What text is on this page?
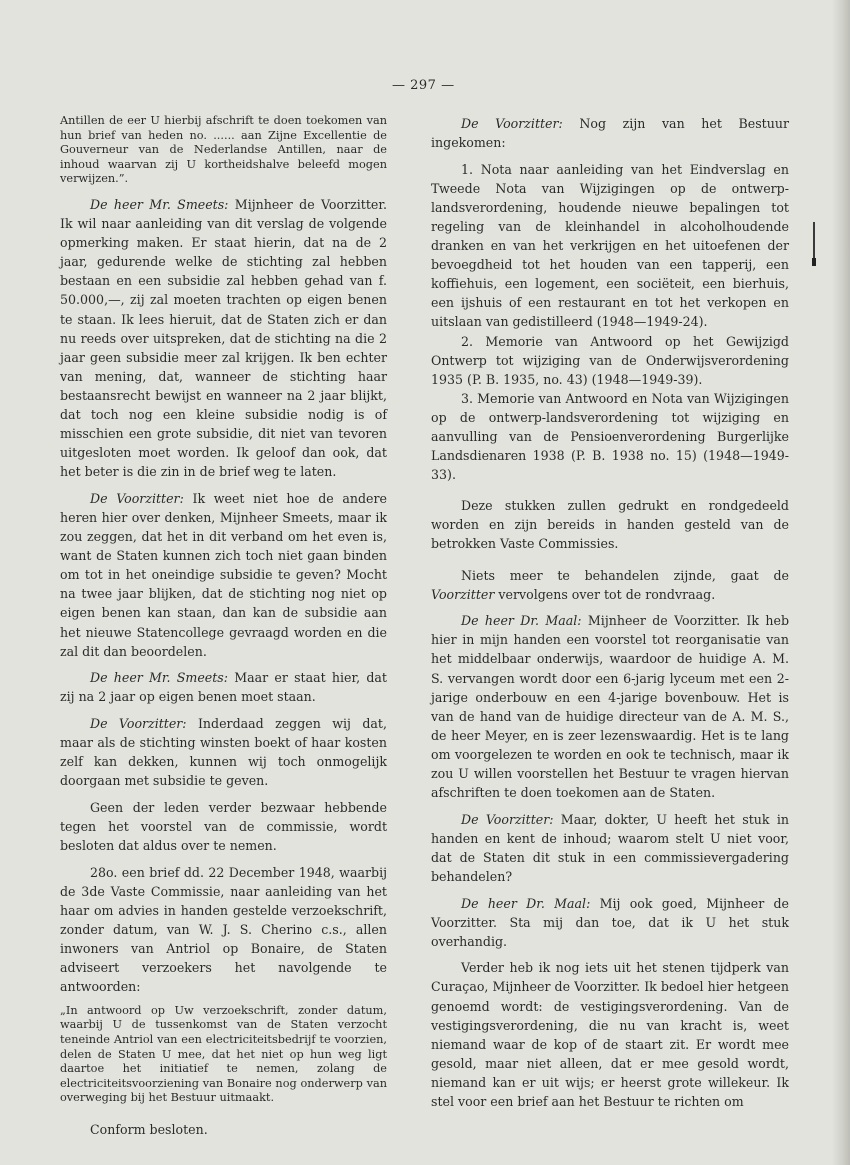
— 297 —

Antillen de eer U hierbij afschrift te doen toekomen van hun brief van heden no. ...... aan Zijne Excellentie de Gouverneur van de Nederlandse Antillen, naar de inhoud waarvan zij U kortheidshalve beleefd mogen verwijzen.”.

De heer Mr. Smeets: Mijnheer de Voorzitter. Ik wil naar aanleiding van dit verslag de volgende opmerking maken. Er staat hierin, dat na de 2 jaar, gedurende welke de stichting zal hebben bestaan en een subsidie zal hebben gehad van f. 50.000,—, zij zal moeten trachten op eigen benen te staan. Ik lees hieruit, dat de Staten zich er dan nu reeds over uitspreken, dat de stichting na die 2 jaar geen subsidie meer zal krijgen. Ik ben echter van mening, dat, wanneer de stichting haar bestaansrecht bewijst en wanneer na 2 jaar blijkt, dat toch nog een kleine subsidie nodig is of misschien een grote subsidie, dit niet van tevoren uitgesloten moet worden. Ik geloof dan ook, dat het beter is die zin in de brief weg te laten.

De Voorzitter: Ik weet niet hoe de andere heren hier over denken, Mijnheer Smeets, maar ik zou zeggen, dat het in dit verband om het even is, want de Staten kunnen zich toch niet gaan binden om tot in het oneindige subsidie te geven? Mocht na twee jaar blijken, dat de stichting nog niet op eigen benen kan staan, dan kan de subsidie aan het nieuwe Statencollege gevraagd worden en die zal dit dan beoordelen.

De heer Mr. Smeets: Maar er staat hier, dat zij na 2 jaar op eigen benen moet staan.

De Voorzitter: Inderdaad zeggen wij dat, maar als de stichting winsten boekt of haar kosten zelf kan dekken, kunnen wij toch onmogelijk doorgaan met subsidie te geven.

Geen der leden verder bezwaar hebbende tegen het voorstel van de commissie, wordt besloten dat aldus over te nemen.

28o. een brief dd. 22 December 1948, waarbij de 3de Vaste Commissie, naar aanleiding van het haar om advies in handen gestelde verzoekschrift, zonder datum, van W. J. S. Cherino c.s., allen inwoners van Antriol op Bonaire, de Staten adviseert verzoekers het navolgende te antwoorden:

„In antwoord op Uw verzoekschrift, zonder datum, waarbij U de tussenkomst van de Staten verzocht teneinde Antriol van een electriciteitsbedrijf te voorzien, delen de Staten U mee, dat het niet op hun weg ligt daartoe het initiatief te nemen, zolang de electriciteitsvoorziening van Bonaire nog onderwerp van overweging bij het Bestuur uitmaakt.

Conform besloten.

De Voorzitter: Nog zijn van het Bestuur ingekomen:

1. Nota naar aanleiding van het Eindverslag en Tweede Nota van Wijzigingen op de ontwerp-landsverordening, houdende nieuwe bepalingen tot regeling van de kleinhandel in alcoholhoudende dranken en van het verkrijgen en het uitoefenen der bevoegdheid tot het houden van een tapperij, een koffiehuis, een logement, een sociëteit, een bierhuis, een ijshuis of een restaurant en tot het verkopen en uitslaan van gedistilleerd (1948—1949-24).

2. Memorie van Antwoord op het Gewijzigd Ontwerp tot wijziging van de Onderwijsverordening 1935 (P. B. 1935, no. 43) (1948—1949-39).

3. Memorie van Antwoord en Nota van Wijzigingen op de ontwerp-landsverordening tot wijziging en aanvulling van de Pensioenverordening Burgerlijke Landsdienaren 1938 (P. B. 1938 no. 15) (1948—1949-33).

Deze stukken zullen gedrukt en rondgedeeld worden en zijn bereids in handen gesteld van de betrokken Vaste Commissies.

Niets meer te behandelen zijnde, gaat de Voorzitter vervolgens over tot de rondvraag.

De heer Dr. Maal: Mijnheer de Voorzitter. Ik heb hier in mijn handen een voorstel tot reorganisatie van het middelbaar onderwijs, waardoor de huidige A. M. S. vervangen wordt door een 6-jarig lyceum met een 2-jarige onderbouw en een 4-jarige bovenbouw. Het is van de hand van de huidige directeur van de A. M. S., de heer Meyer, en is zeer lezenswaardig. Het is te lang om voorgelezen te worden en ook te technisch, maar ik zou U willen voorstellen het Bestuur te vragen hiervan afschriften te doen toekomen aan de Staten.

De Voorzitter: Maar, dokter, U heeft het stuk in handen en kent de inhoud; waarom stelt U niet voor, dat de Staten dit stuk in een commissievergadering behandelen?

De heer Dr. Maal: Mij ook goed, Mijnheer de Voorzitter. Sta mij dan toe, dat ik U het stuk overhandig.

Verder heb ik nog iets uit het stenen tijdperk van Curaçao, Mijnheer de Voorzitter. Ik bedoel hier hetgeen genoemd wordt: de vestigingsverordening. Van de vestigingsverordening, die nu van kracht is, weet niemand waar de kop of de staart zit. Er wordt mee gesold, maar niet alleen, dat er mee gesold wordt, niemand kan er uit wijs; er heerst grote willekeur. Ik stel voor een brief aan het Bestuur te richten om
